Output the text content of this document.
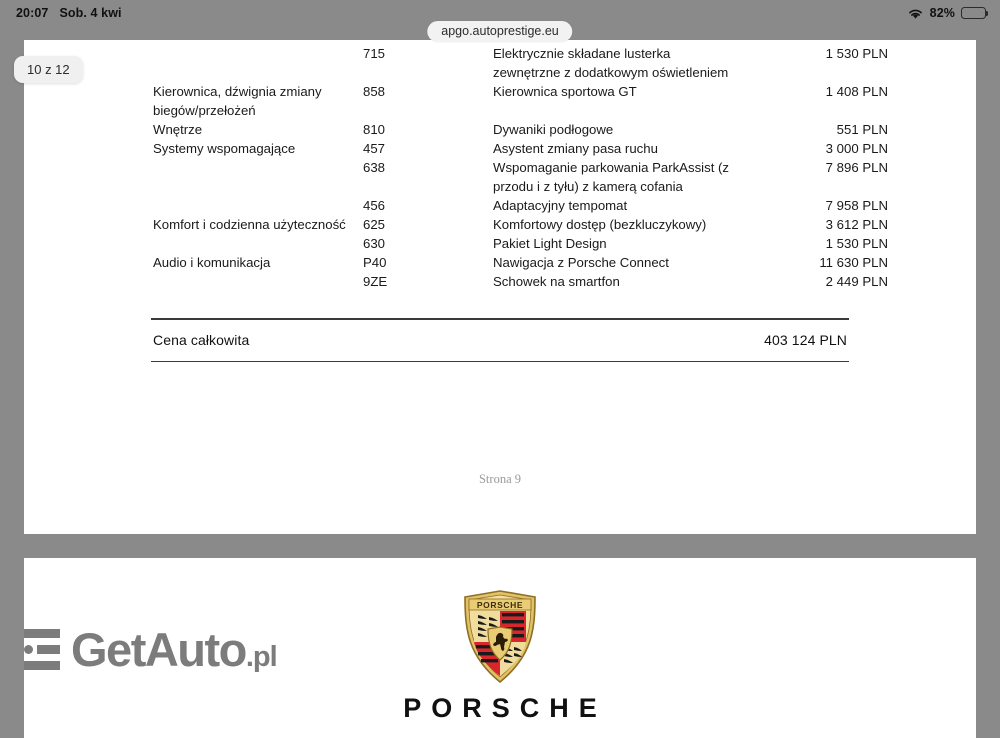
715	Elektrycznie składane lusterka	1 530 PLN
zewnętrzne z dodatkowym oświetleniem
Kierownica, dźwignia zmiany	858	Kierownica sportowa GT	1 408 PLN
biegów/przełożeń
Wnętrze	810	Dywaniki podłogowe	551 PLN
Systemy wspomagające	457	Asystent zmiany pasa ruchu	3 000 PLN
638	Wspomaganie parkowania ParkAssist (z	7 896 PLN
przodu i z tyłu) z kamerą cofania
456	Adaptacyjny tempomat	7 958 PLN
Komfort i codzienna użyteczność	625	Komfortowy dostęp (bezkluczykowy)	3 612 PLN
630	Pakiet Light Design	1 530 PLN
Audio i komunikacja	P40	Nawigacja z Porsche Connect	11 630 PLN
9ZE	Schowek na smartfon	2 449 PLN
Cena całkowita	403 124 PLN
Strona 9
GetAuto.pl
PORSCHE
PORSCHE
20:07 Sob. 4 kwi	82%
apgo.autoprestige.eu
10 z 12
